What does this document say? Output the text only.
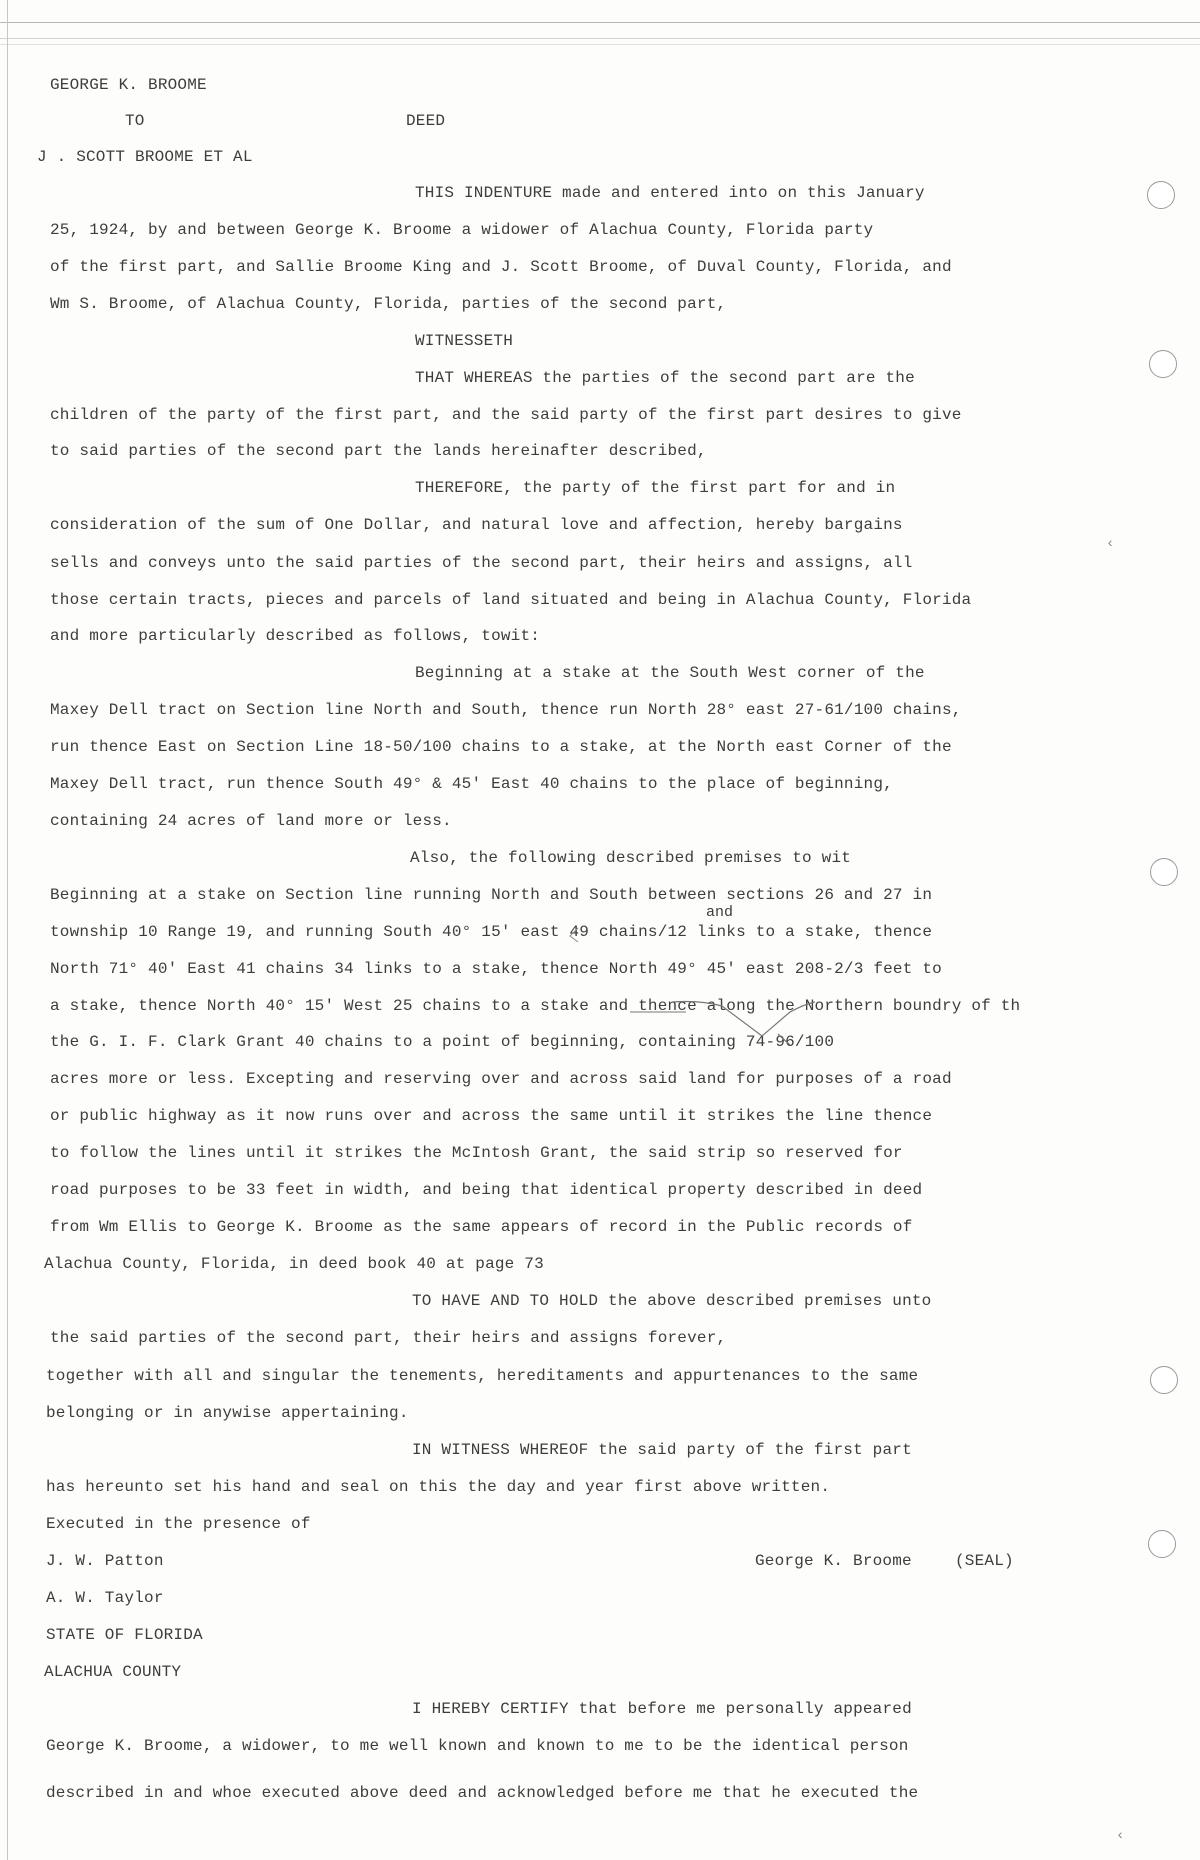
‹
‹
GEORGE K. BROOME
TO	DEED
J . SCOTT BROOME ET AL
THIS INDENTURE made and entered into on this January
25, 1924, by and between George K. Broome a widower of Alachua County, Florida party
of the first part, and Sallie Broome King and J. Scott Broome, of Duval County, Florida, and
Wm S. Broome, of Alachua County, Florida, parties of the second part,
WITNESSETH
THAT WHEREAS the parties of the second part are the
children of the party of the first part, and the said party of the first part desires to give
to said parties of the second part the lands hereinafter described,
THEREFORE, the party of the first part for and in
consideration of the sum of One Dollar, and natural love and affection, hereby bargains
sells and conveys unto the said parties of the second part, their heirs and assigns, all
those certain tracts, pieces and parcels of land situated and being in Alachua County, Florida
and more particularly described as follows, towit:
Beginning at a stake at the South West corner of the
Maxey Dell tract on Section line North and South, thence run North 28° east 27-61/100 chains,
run thence East on Section Line 18-50/100 chains to a stake, at the North east Corner of the
Maxey Dell tract, run thence South 49° & 45' East 40 chains to the place of beginning,
containing 24 acres of land more or less.
Also, the following described premises to wit
Beginning at a stake on Section line running North and South between sections 26 and 27 in
and
township 10 Range 19, and running South 40° 15' east 49 chains/12 links to a stake, thence
North 71° 40' East 41 chains 34 links to a stake, thence North 49° 45' east 208-2/3 feet to
a stake, thence North 40° 15' West 25 chains to a stake and thence along the Northern boundry of th
the G. I. F. Clark Grant 40 chains to a point of beginning, containing 74-96/100
acres more or less. Excepting and reserving over and across said land for purposes of a road
or public highway as it now runs over and across the same until it strikes the line thence
to follow the lines until it strikes the McIntosh Grant, the said strip so reserved for
road purposes to be 33 feet in width, and being that identical property described in deed
from Wm Ellis to George K. Broome as the same appears of record in the Public records of
Alachua County, Florida, in deed book 40 at page 73
TO HAVE AND TO HOLD the above described premises unto
the said parties of the second part, their heirs and assigns forever,
together with all and singular the tenements, hereditaments and appurtenances to the same
belonging or in anywise appertaining.
IN WITNESS WHEREOF the said party of the first part
has hereunto set his hand and seal on this the day and year first above written.
Executed in the presence of
J. W. Patton	George K. Broome	(SEAL)
A. W. Taylor
STATE OF FLORIDA
ALACHUA COUNTY
I HEREBY CERTIFY that before me personally appeared
George K. Broome, a widower, to me well known and known to me to be the identical person
described in and whoe executed above deed and acknowledged before me that he executed the
